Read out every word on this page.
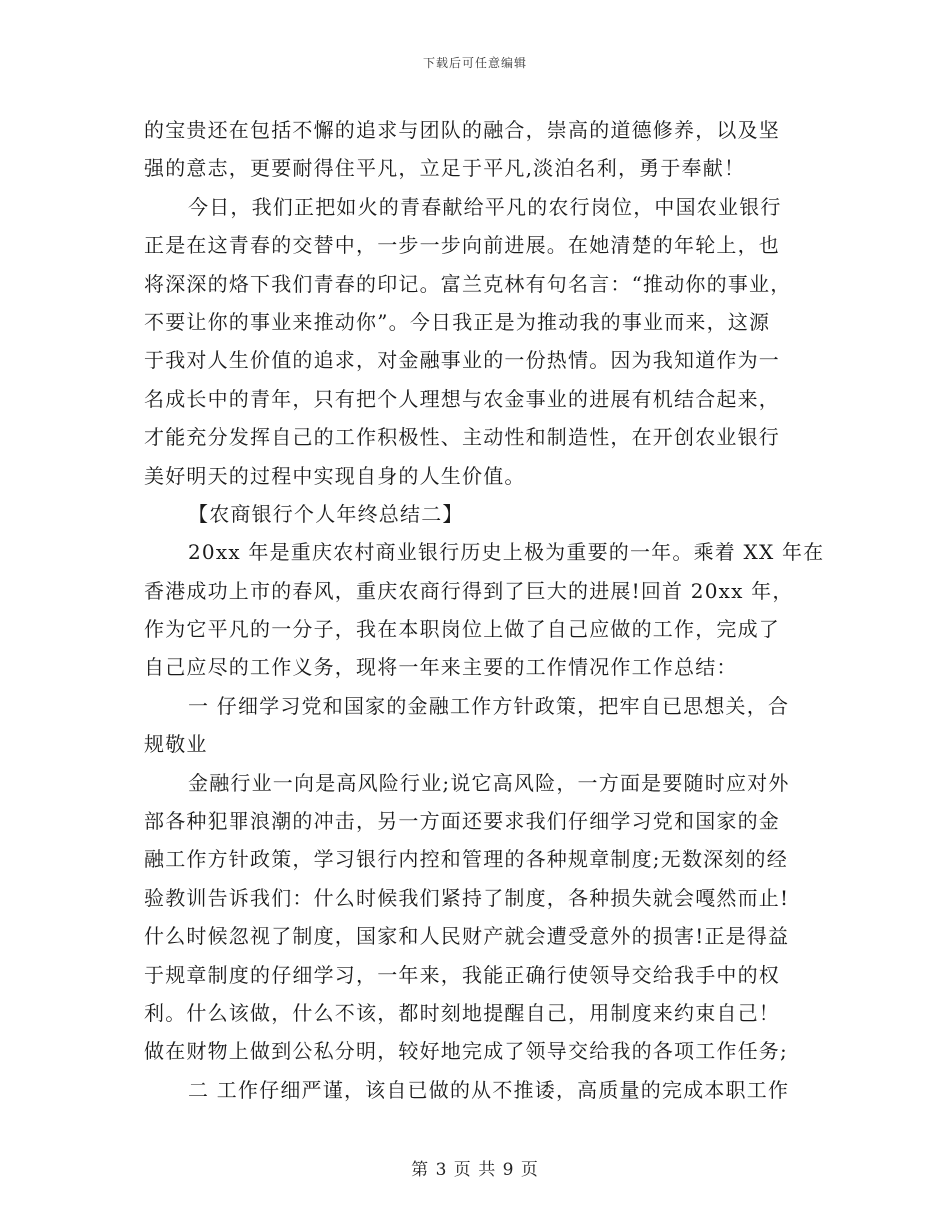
下载后可任意编辑
的宝贵还在包括不懈的追求与团队的融合，崇高的道德修养，以及坚
强的意志，更要耐得住平凡，立足于平凡,淡泊名利，勇于奉献！
今日，我们正把如火的青春献给平凡的农行岗位，中国农业银行
正是在这青春的交替中，一步一步向前进展。在她清楚的年轮上，也
将深深的烙下我们青春的印记。富兰克林有句名言：“推动你的事业，
不要让你的事业来推动你”。今日我正是为推动我的事业而来，这源
于我对人生价值的追求，对金融事业的一份热情。因为我知道作为一
名成长中的青年，只有把个人理想与农金事业的进展有机结合起来，
才能充分发挥自己的工作积极性、主动性和制造性，在开创农业银行
美好明天的过程中实现自身的人生价值。
【农商银行个人年终总结二】
20xx 年是重庆农村商业银行历史上极为重要的一年。乘着 XX 年在
香港成功上市的春风，重庆农商行得到了巨大的进展!回首 20xx 年，
作为它平凡的一分子，我在本职岗位上做了自己应做的工作，完成了
自己应尽的工作义务，现将一年来主要的工作情况作工作总结：
一 仔细学习党和国家的金融工作方针政策，把牢自已思想关，合
规敬业
金融行业一向是高风险行业;说它高风险，一方面是要随时应对外
部各种犯罪浪潮的冲击，另一方面还要求我们仔细学习党和国家的金
融工作方针政策，学习银行内控和管理的各种规章制度;无数深刻的经
验教训告诉我们：什么时候我们紧持了制度，各种损失就会嘎然而止!
什么时候忽视了制度，国家和人民财产就会遭受意外的损害!正是得益
于规章制度的仔细学习，一年来，我能正确行使领导交给我手中的权
利。什么该做，什么不该，都时刻地提醒自己，用制度来约束自己！
做在财物上做到公私分明，较好地完成了领导交给我的各项工作任务;
二 工作仔细严谨，该自已做的从不推诿，高质量的完成本职工作
第 3 页 共 9 页
